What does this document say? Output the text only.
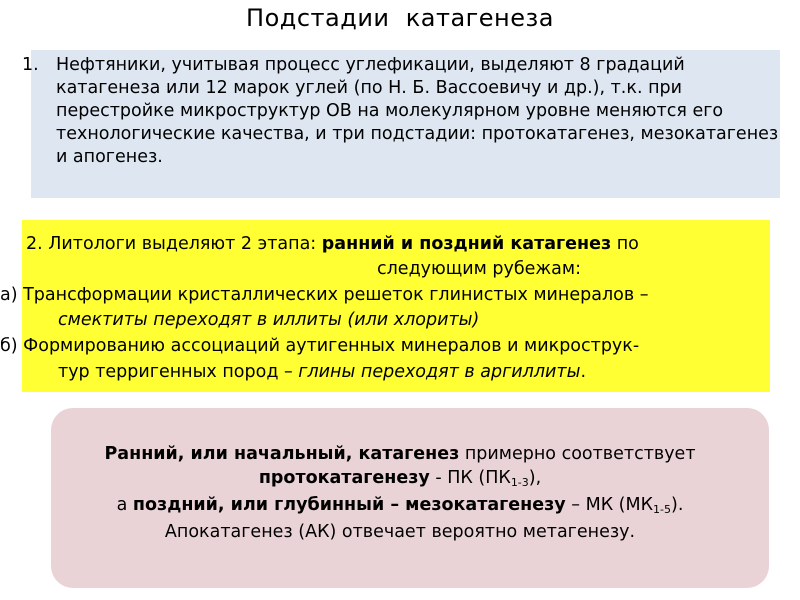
Подстадии  катагенеза
1. Нефтяники, учитывая процесс углефикации, выделяют 8 градаций катагенеза или 12 марок углей (по Н. Б. Вассоевичу и др.), т.к. при перестройке микроструктур ОВ на молекулярном уровне меняются его технологические качества, и три подстадии: протокатагенез, мезокатагенез и апогенез.
2. Литологи выделяют 2 этапа: ранний и поздний катагенез по
следующим рубежам:
а) Трансформации кристаллических решеток глинистых минералов –
смектиты переходят в иллиты (или хлориты)
б) Формированию ассоциаций аутигенных минералов и микрострук-
тур терригенных пород – глины переходят в аргиллиты.
Ранний, или начальный, катагенез примерно соответствует
протокатагенезу - ПК $(ПК_{1-3})$,
а поздний, или глубинный – мезокатагенезу – МК $(МК_{1-5})$.
Апокатагенез (АК) отвечает вероятно метагенезу.
